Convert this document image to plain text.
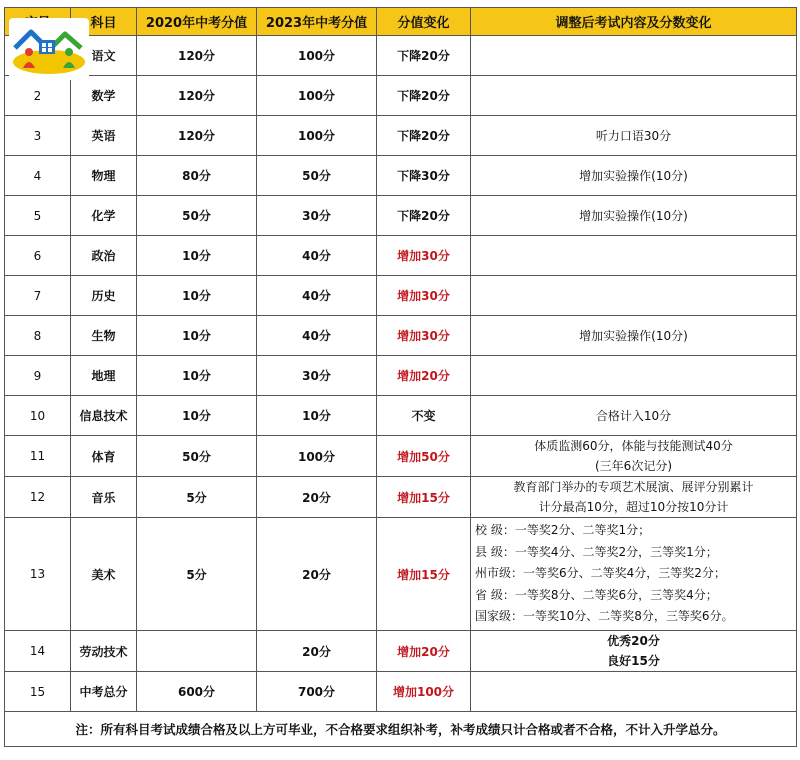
	科目	2020年中考分值	2023年中考分值	分值变化	调整后考试内容及分数变化
	语文	120分	100分	下降20分	
2	数学	120分	100分	下降20分	
3	英语	120分	100分	下降20分	听力口语30分
4	物理	80分	50分	下降30分	增加实验操作(10分)
5	化学	50分	30分	下降20分	增加实验操作(10分)
6	政治	10分	40分	增加30分	
7	历史	10分	40分	增加30分	
8	生物	10分	40分	增加30分	增加实验操作(10分)
9	地理	10分	30分	增加20分	
10	信息技术	10分	10分	不变	合格计入10分
11	体育	50分	100分	增加50分	体质监测60分，体能与技能测试40分
(三年6次记分)

12	音乐	5分	20分	增加15分	教育部门举办的专项艺术展演、展评分别累计
计分最高10分，超过10分按10分计

13	美术	5分	20分	增加15分	校 级：一等奖2分、二等奖1分；
县 级：一等奖4分、二等奖2分，三等奖1分；
州市级：一等奖6分、二等奖4分，三等奖2分；
省 级：一等奖8分、二等奖6分，三等奖4分；
国家级：一等奖10分、二等奖8分，三等奖6分。

14	劳动技术		20分	增加20分	优秀20分
良好15分

15	中考总分	600分	700分	增加100分	
注：所有科目考试成绩合格及以上方可毕业，不合格要求组织补考，补考成绩只计合格或者不合格，不计入升学总分。					
